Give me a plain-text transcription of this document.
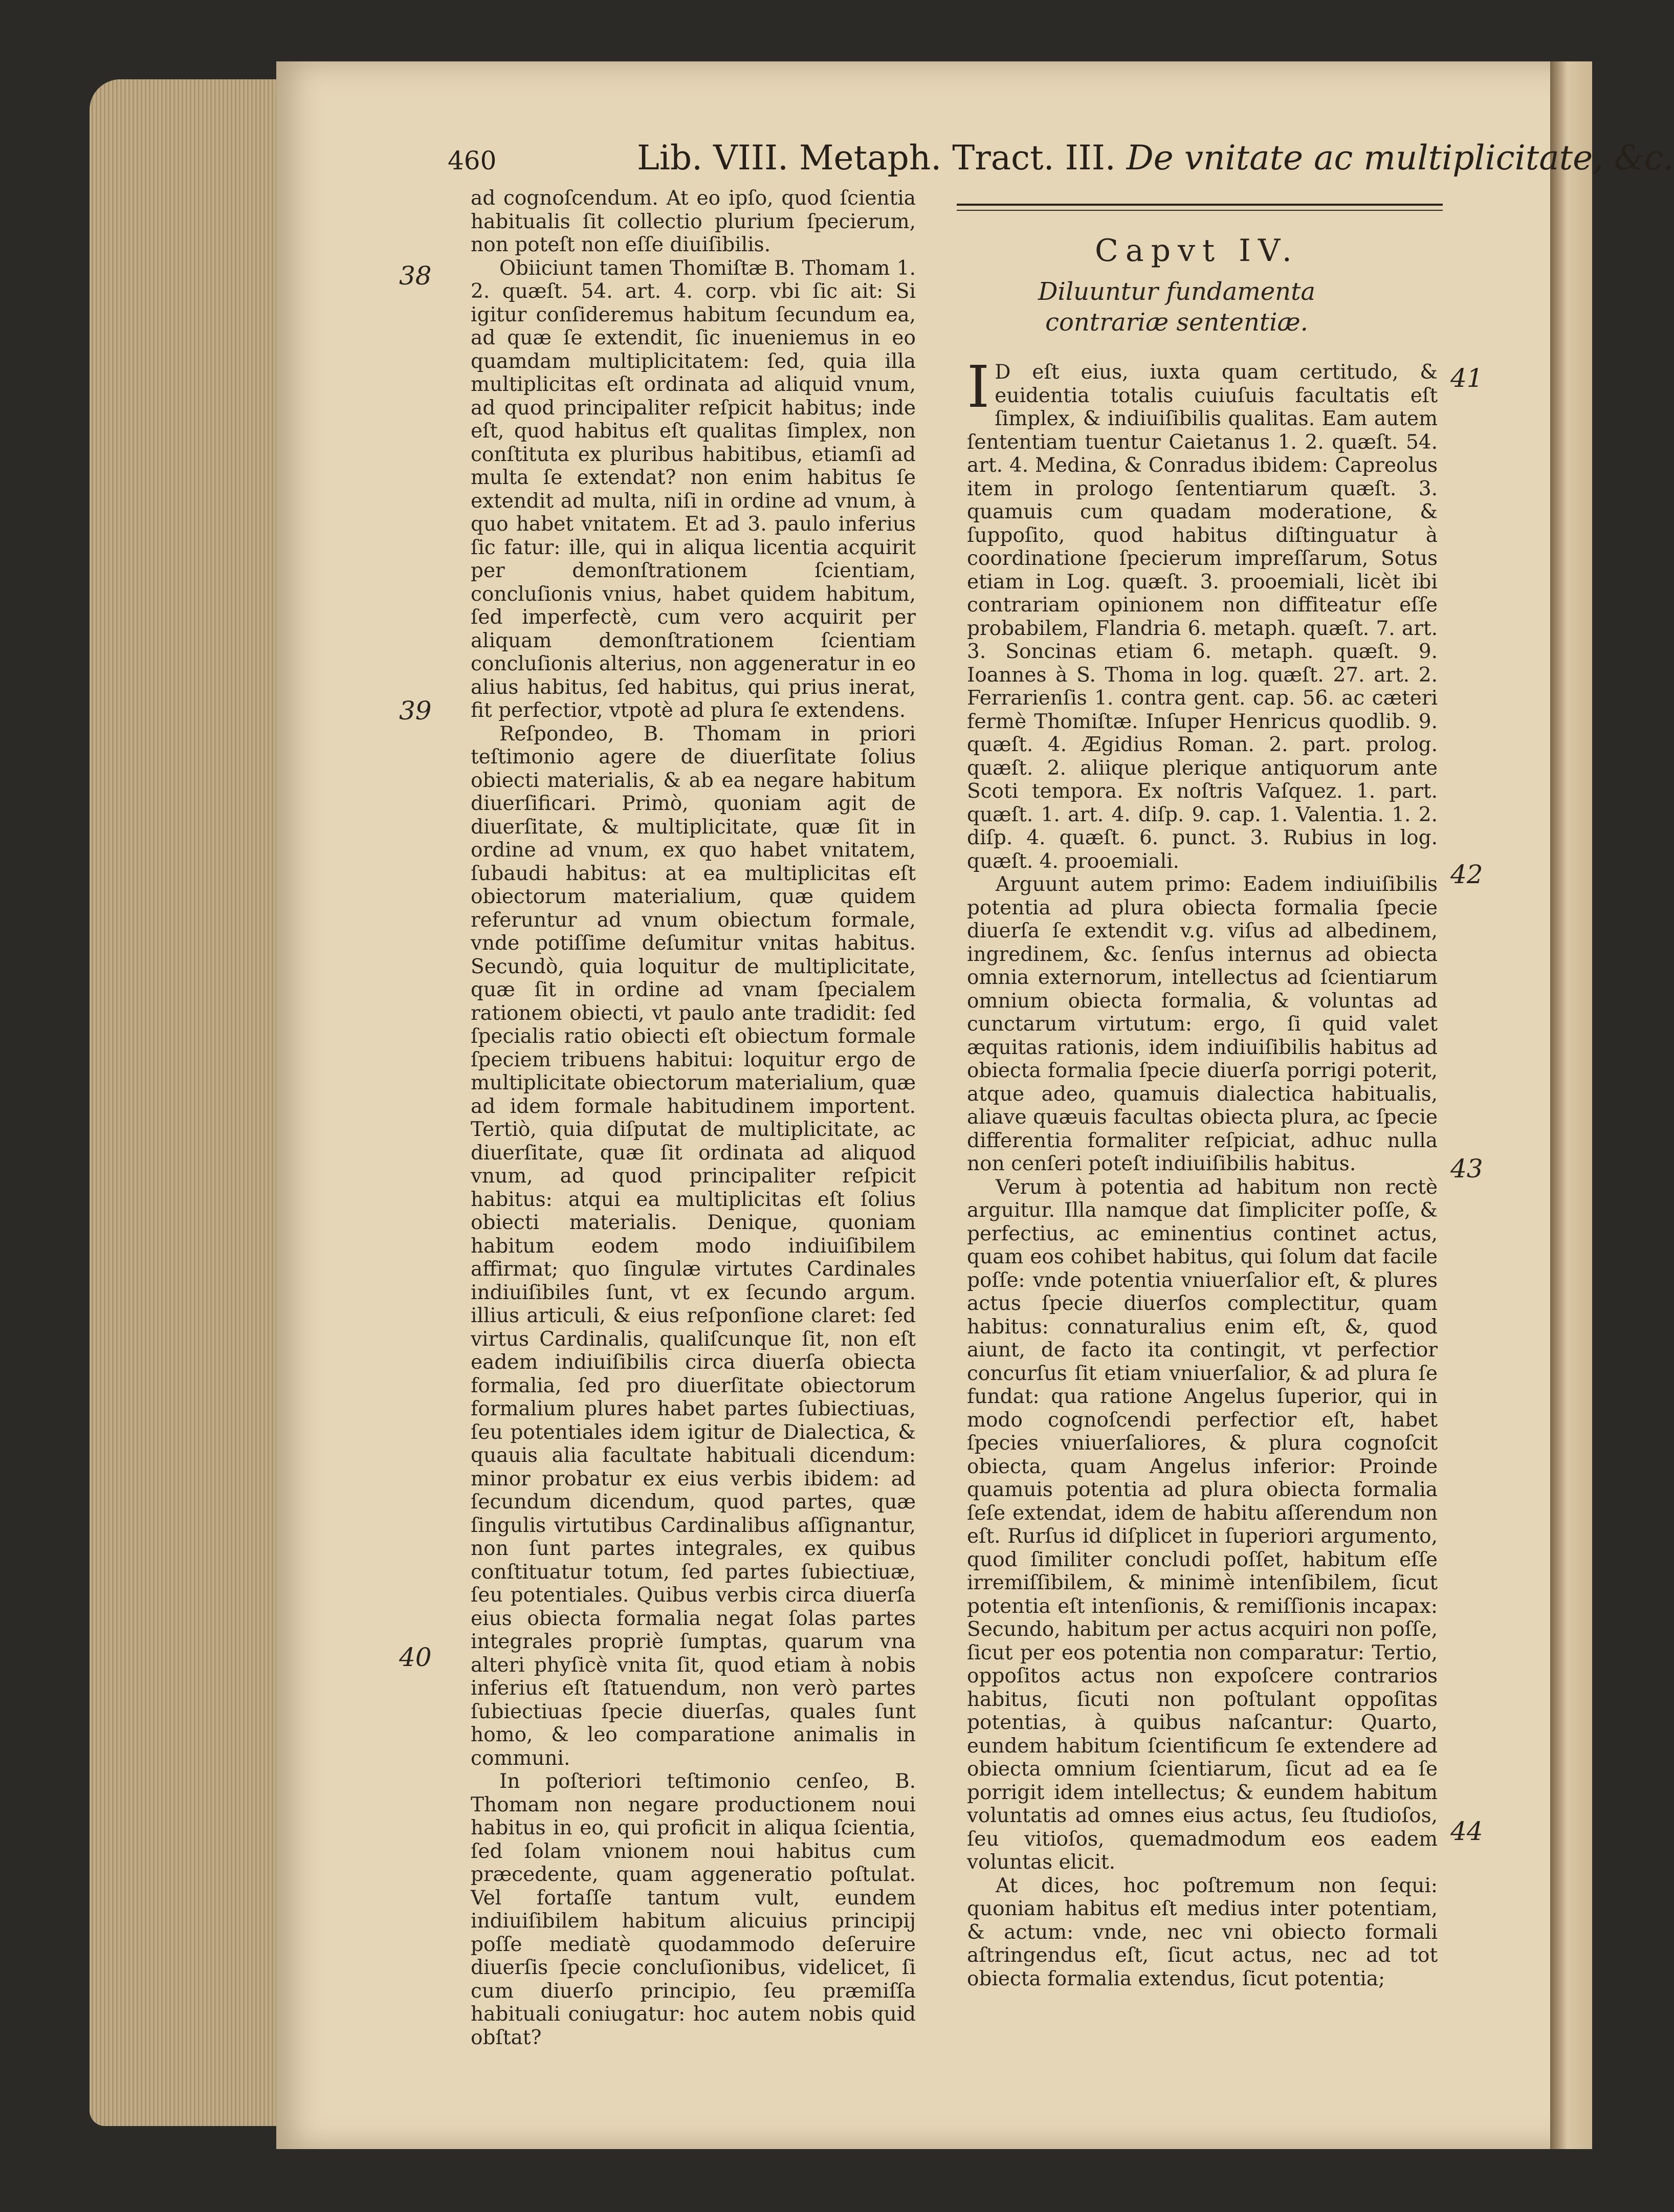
460	Lib. VIII. Metaph. Tract. III. De vnitate ac multiplicitate, &c.
Capvt IV.
Diluuntur fundamenta contrariæ sententiæ.
38
39
40
41
42
43
44

ad cognoſcendum. At eo ipſo, quod ſcientia habitualis ſit collectio plurium ſpecierum, non poteſt non eſſe diuiſibilis.

Obiiciunt tamen Thomiſtæ B. Thomam 1. 2. quæſt. 54. art. 4. corp. vbi ſic ait: Si igitur conſideremus habitum ſecundum ea, ad quæ ſe extendit, ſic inueniemus in eo quamdam multiplicitatem: ſed, quia illa multiplicitas eſt ordinata ad aliquid vnum, ad quod principaliter reſpicit habitus; inde eſt, quod habitus eſt qualitas ſimplex, non conſtituta ex pluribus habitibus, etiamſi ad multa ſe extendat? non enim habitus ſe extendit ad multa, niſi in ordine ad vnum, à quo habet vnitatem. Et ad 3. paulo inferius ſic fatur: ille, qui in aliqua licentia acquirit per demonſtrationem ſcientiam, concluſionis vnius, habet quidem habitum, ſed imperfectè, cum vero acquirit per aliquam demonſtrationem ſcientiam concluſionis alterius, non aggeneratur in eo alius habitus, ſed habitus, qui prius inerat, fit perfectior, vtpotè ad plura ſe extendens.

Reſpondeo, B. Thomam in priori teſtimonio agere de diuerſitate ſolius obiecti materialis, & ab ea negare habitum diuerſificari. Primò, quoniam agit de diuerſitate, & multiplicitate, quæ ſit in ordine ad vnum, ex quo habet vnitatem, ſubaudi habitus: at ea multiplicitas eſt obiectorum materialium, quæ quidem referuntur ad vnum obiectum formale, vnde potiſſime deſumitur vnitas habitus. Secundò, quia loquitur de multiplicitate, quæ ſit in ordine ad vnam ſpecialem rationem obiecti, vt paulo ante tradidit: ſed ſpecialis ratio obiecti eſt obiectum formale ſpeciem tribuens habitui: loquitur ergo de multiplicitate obiectorum materialium, quæ ad idem formale habitudinem importent. Tertiò, quia diſputat de multiplicitate, ac diuerſitate, quæ ſit ordinata ad aliquod vnum, ad quod principaliter reſpicit habitus: atqui ea multiplicitas eſt ſolius obiecti materialis. Denique, quoniam habitum eodem modo indiuiſibilem affirmat; quo ſingulæ virtutes Cardinales indiuiſibiles ſunt, vt ex ſecundo argum. illius articuli, & eius reſponſione claret: ſed virtus Cardinalis, qualiſcunque ſit, non eſt eadem indiuiſibilis circa diuerſa obiecta formalia, ſed pro diuerſitate obiectorum formalium plures habet partes ſubiectiuas, ſeu potentiales idem igitur de Dialectica, & quauis alia facultate habituali dicendum: minor probatur ex eius verbis ibidem: ad ſecundum dicendum, quod partes, quæ ſingulis virtutibus Cardinalibus aſſignantur, non ſunt partes integrales, ex quibus conſtituatur totum, ſed partes ſubiectiuæ, ſeu potentiales. Quibus verbis circa diuerſa eius obiecta formalia negat ſolas partes integrales propriè ſumptas, quarum vna alteri phyſicè vnita ſit, quod etiam à nobis inferius eſt ſtatuendum, non verò partes ſubiectiuas ſpecie diuerſas, quales ſunt homo, & leo comparatione animalis in communi.

In poſteriori teſtimonio cenſeo, B. Thomam non negare productionem noui habitus in eo, qui proficit in aliqua ſcientia, ſed ſolam vnionem noui habitus cum præcedente, quam aggeneratio poſtulat. Vel fortaſſe tantum vult, eundem indiuiſibilem habitum alicuius principij poſſe mediatè quodammodo deſeruire diuerſis ſpecie concluſionibus, videlicet, ſi cum diuerſo principio, ſeu præmiſſa habituali coniugatur: hoc autem nobis quid obſtat?

I D eſt eius, iuxta quam certitudo, & euidentia totalis cuiuſuis facultatis eſt ſimplex, & indiuiſibilis qualitas. Eam autem ſententiam tuentur Caietanus 1. 2. quæſt. 54. art. 4. Medina, & Conradus ibidem: Capreolus item in prologo ſententiarum quæſt. 3. quamuis cum quadam moderatione, & ſuppoſito, quod habitus diſtinguatur à coordinatione ſpecierum impreſſarum, Sotus etiam in Log. quæſt. 3. prooemiali, licèt ibi contrariam opinionem non diffiteatur eſſe probabilem, Flandria 6. metaph. quæſt. 7. art. 3. Soncinas etiam 6. metaph. quæſt. 9. Ioannes à S. Thoma in log. quæſt. 27. art. 2. Ferrarienſis 1. contra gent. cap. 56. ac cæteri fermè Thomiſtæ. Inſuper Henricus quodlib. 9. quæſt. 4. Ægidius Roman. 2. part. prolog. quæſt. 2. aliique plerique antiquorum ante Scoti tempora. Ex noſtris Vaſquez. 1. part. quæſt. 1. art. 4. diſp. 9. cap. 1. Valentia. 1. 2. diſp. 4. quæſt. 6. punct. 3. Rubius in log. quæſt. 4. prooemiali.

Arguunt autem primo: Eadem indiuiſibilis potentia ad plura obiecta formalia ſpecie diuerſa ſe extendit v.g. viſus ad albedinem, ingredinem, &c. ſenſus internus ad obiecta omnia externorum, intellectus ad ſcientiarum omnium obiecta formalia, & voluntas ad cunctarum virtutum: ergo, ſi quid valet æquitas rationis, idem indiuiſibilis habitus ad obiecta formalia ſpecie diuerſa porrigi poterit, atque adeo, quamuis dialectica habitualis, aliave quæuis facultas obiecta plura, ac ſpecie differentia formaliter reſpiciat, adhuc nulla non cenſeri poteſt indiuiſibilis habitus.

Verum à potentia ad habitum non rectè arguitur. Illa namque dat ſimpliciter poſſe, & perfectius, ac eminentius continet actus, quam eos cohibet habitus, qui ſolum dat facile poſſe: vnde potentia vniuerſalior eſt, & plures actus ſpecie diuerſos complectitur, quam habitus: connaturalius enim eſt, &, quod aiunt, de facto ita contingit, vt perfectior concurſus ſit etiam vniuerſalior, & ad plura ſe fundat: qua ratione Angelus ſuperior, qui in modo cognoſcendi perfectior eſt, habet ſpecies vniuerſaliores, & plura cognoſcit obiecta, quam Angelus inferior: Proinde quamuis potentia ad plura obiecta formalia ſeſe extendat, idem de habitu aſſerendum non eſt. Rurſus id diſplicet in ſuperiori argumento, quod ſimiliter concludi poſſet, habitum eſſe irremiſſibilem, & minimè intenſibilem, ſicut potentia eſt intenſionis, & remiſſionis incapax: Secundo, habitum per actus acquiri non poſſe, ſicut per eos potentia non comparatur: Tertio, oppoſitos actus non expoſcere contrarios habitus, ſicuti non poſtulant oppoſitas potentias, à quibus naſcantur: Quarto, eundem habitum ſcientificum ſe extendere ad obiecta omnium ſcientiarum, ſicut ad ea ſe porrigit idem intellectus; & eundem habitum voluntatis ad omnes eius actus, ſeu ſtudioſos, ſeu vitioſos, quemadmodum eos eadem voluntas elicit.

At dices, hoc poſtremum non ſequi: quoniam habitus eſt medius inter potentiam, & actum: vnde, nec vni obiecto formali aſtringendus eſt, ſicut actus, nec ad tot obiecta formalia extendus, ſicut potentia;
